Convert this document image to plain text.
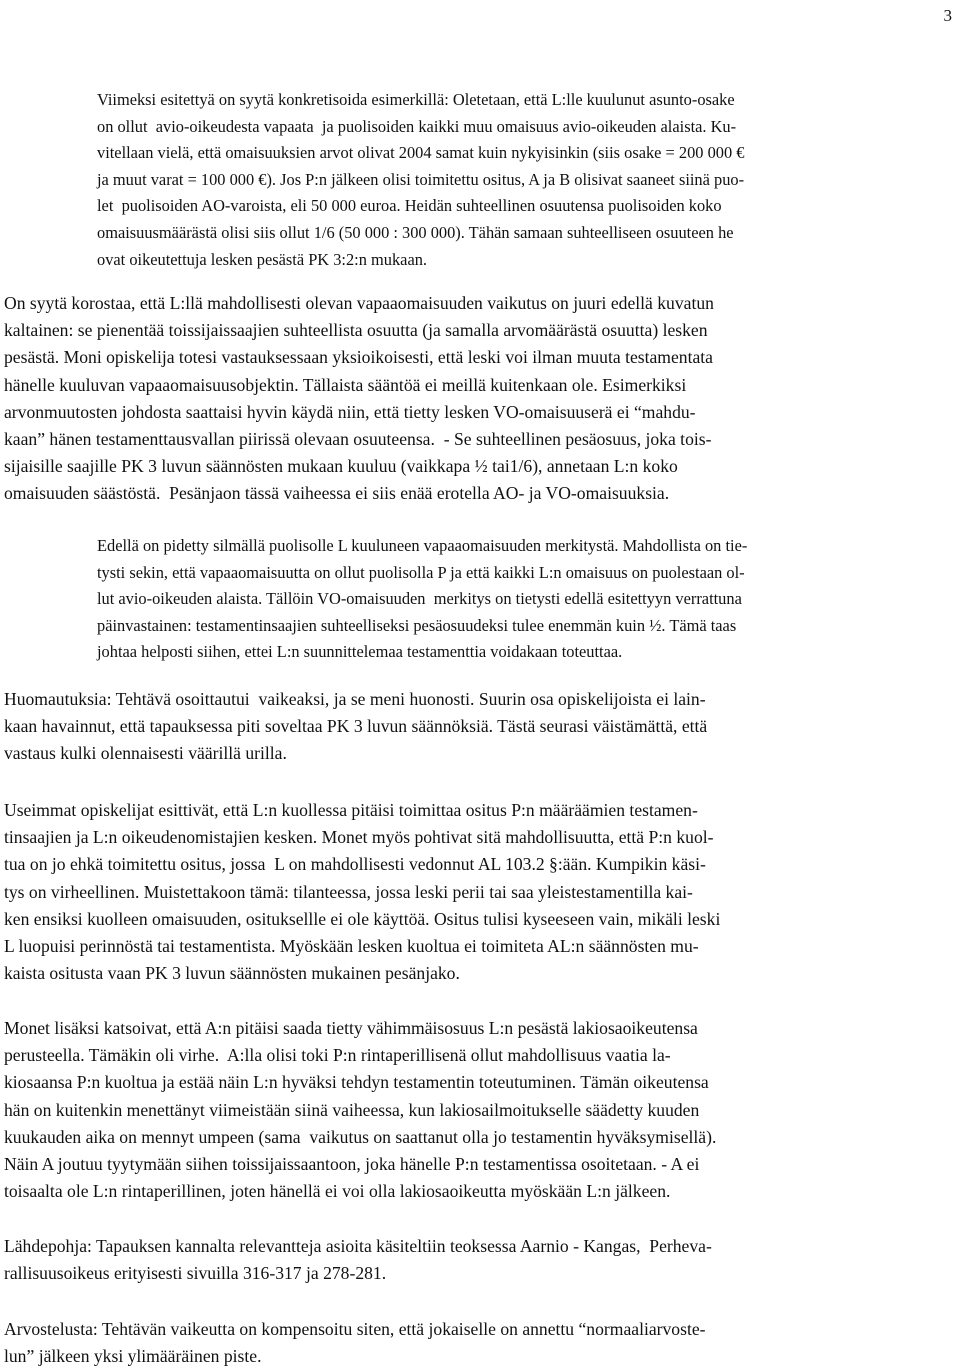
3

Viimeksi esitettyä on syytä konkretisoida esimerkillä: Oletetaan, että L:lle kuulunut asunto-osake
on ollut  avio-oikeudesta vapaata  ja puolisoiden kaikki muu omaisuus avio-oikeuden alaista. Ku-
vitellaan vielä, että omaisuuksien arvot olivat 2004 samat kuin nykyisinkin (siis osake = 200 000 €
ja muut varat = 100 000 €). Jos P:n jälkeen olisi toimitettu ositus, A ja B olisivat saaneet siinä puo-
let  puolisoiden AO-varoista, eli 50 000 euroa. Heidän suhteellinen osuutensa puolisoiden koko
omaisuusmäärästä olisi siis ollut 1/6 (50 000 : 300 000). Tähän samaan suhteelliseen osuuteen he
ovat oikeutettuja lesken pesästä PK 3:2:n mukaan.

On syytä korostaa, että L:llä mahdollisesti olevan vapaaomaisuuden vaikutus on juuri edellä kuvatun
kaltainen: se pienentää toissijaissaajien suhteellista osuutta (ja samalla arvomäärästä osuutta) lesken
pesästä. Moni opiskelija totesi vastauksessaan yksioikoisesti, että leski voi ilman muuta testamentata
hänelle kuuluvan vapaaomaisuusobjektin. Tällaista sääntöä ei meillä kuitenkaan ole. Esimerkiksi
arvonmuutosten johdosta saattaisi hyvin käydä niin, että tietty lesken VO-omaisuuserä ei “mahdu-
kaan” hänen testamenttausvallan piirissä olevaan osuuteensa.  - Se suhteellinen pesäosuus, joka tois-
sijaisille saajille PK 3 luvun säännösten mukaan kuuluu (vaikkapa ½ tai1/6), annetaan L:n koko
omaisuuden säästöstä.  Pesänjaon tässä vaiheessa ei siis enää erotella AO- ja VO-omaisuuksia.

Edellä on pidetty silmällä puolisolle L kuuluneen vapaaomaisuuden merkitystä. Mahdollista on tie-
tysti sekin, että vapaaomaisuutta on ollut puolisolla P ja että kaikki L:n omaisuus on puolestaan ol-
lut avio-oikeuden alaista. Tällöin VO-omaisuuden  merkitys on tietysti edellä esitettyyn verrattuna
päinvastainen: testamentinsaajien suhteelliseksi pesäosuudeksi tulee enemmän kuin ½. Tämä taas
johtaa helposti siihen, ettei L:n suunnittelemaa testamenttia voidakaan toteuttaa.

Huomautuksia: Tehtävä osoittautui  vaikeaksi, ja se meni huonosti. Suurin osa opiskelijoista ei lain-
kaan havainnut, että tapauksessa piti soveltaa PK 3 luvun säännöksiä. Tästä seurasi väistämättä, että
vastaus kulki olennaisesti väärillä urilla.

Useimmat opiskelijat esittivät, että L:n kuollessa pitäisi toimittaa ositus P:n määräämien testamen-
tinsaajien ja L:n oikeudenomistajien kesken. Monet myös pohtivat sitä mahdollisuutta, että P:n kuol-
tua on jo ehkä toimitettu ositus, jossa  L on mahdollisesti vedonnut AL 103.2 §:ään. Kumpikin käsi-
tys on virheellinen. Muistettakoon tämä: tilanteessa, jossa leski perii tai saa yleistestamentilla kai-
ken ensiksi kuolleen omaisuuden, osituksellle ei ole käyttöä. Ositus tulisi kyseeseen vain, mikäli leski
L luopuisi perinnöstä tai testamentista. Myöskään lesken kuoltua ei toimiteta AL:n säännösten mu-
kaista ositusta vaan PK 3 luvun säännösten mukainen pesänjako.

Monet lisäksi katsoivat, että A:n pitäisi saada tietty vähimmäisosuus L:n pesästä lakiosaoikeutensa
perusteella. Tämäkin oli virhe.  A:lla olisi toki P:n rintaperillisenä ollut mahdollisuus vaatia la-
kiosaansa P:n kuoltua ja estää näin L:n hyväksi tehdyn testamentin toteutuminen. Tämän oikeutensa
hän on kuitenkin menettänyt viimeistään siinä vaiheessa, kun lakiosailmoitukselle säädetty kuuden
kuukauden aika on mennyt umpeen (sama  vaikutus on saattanut olla jo testamentin hyväksymisellä).
Näin A joutuu tyytymään siihen toissijaissaantoon, joka hänelle P:n testamentissa osoitetaan. - A ei
toisaalta ole L:n rintaperillinen, joten hänellä ei voi olla lakiosaoikeutta myöskään L:n jälkeen.

Lähdepohja: Tapauksen kannalta relevantteja asioita käsiteltiin teoksessa Aarnio - Kangas,  Perheva-
rallisuusoikeus erityisesti sivuilla 316-317 ja 278-281.

Arvostelusta: Tehtävän vaikeutta on kompensoitu siten, että jokaiselle on annettu “normaaliarvoste-
lun” jälkeen yksi ylimääräinen piste.
